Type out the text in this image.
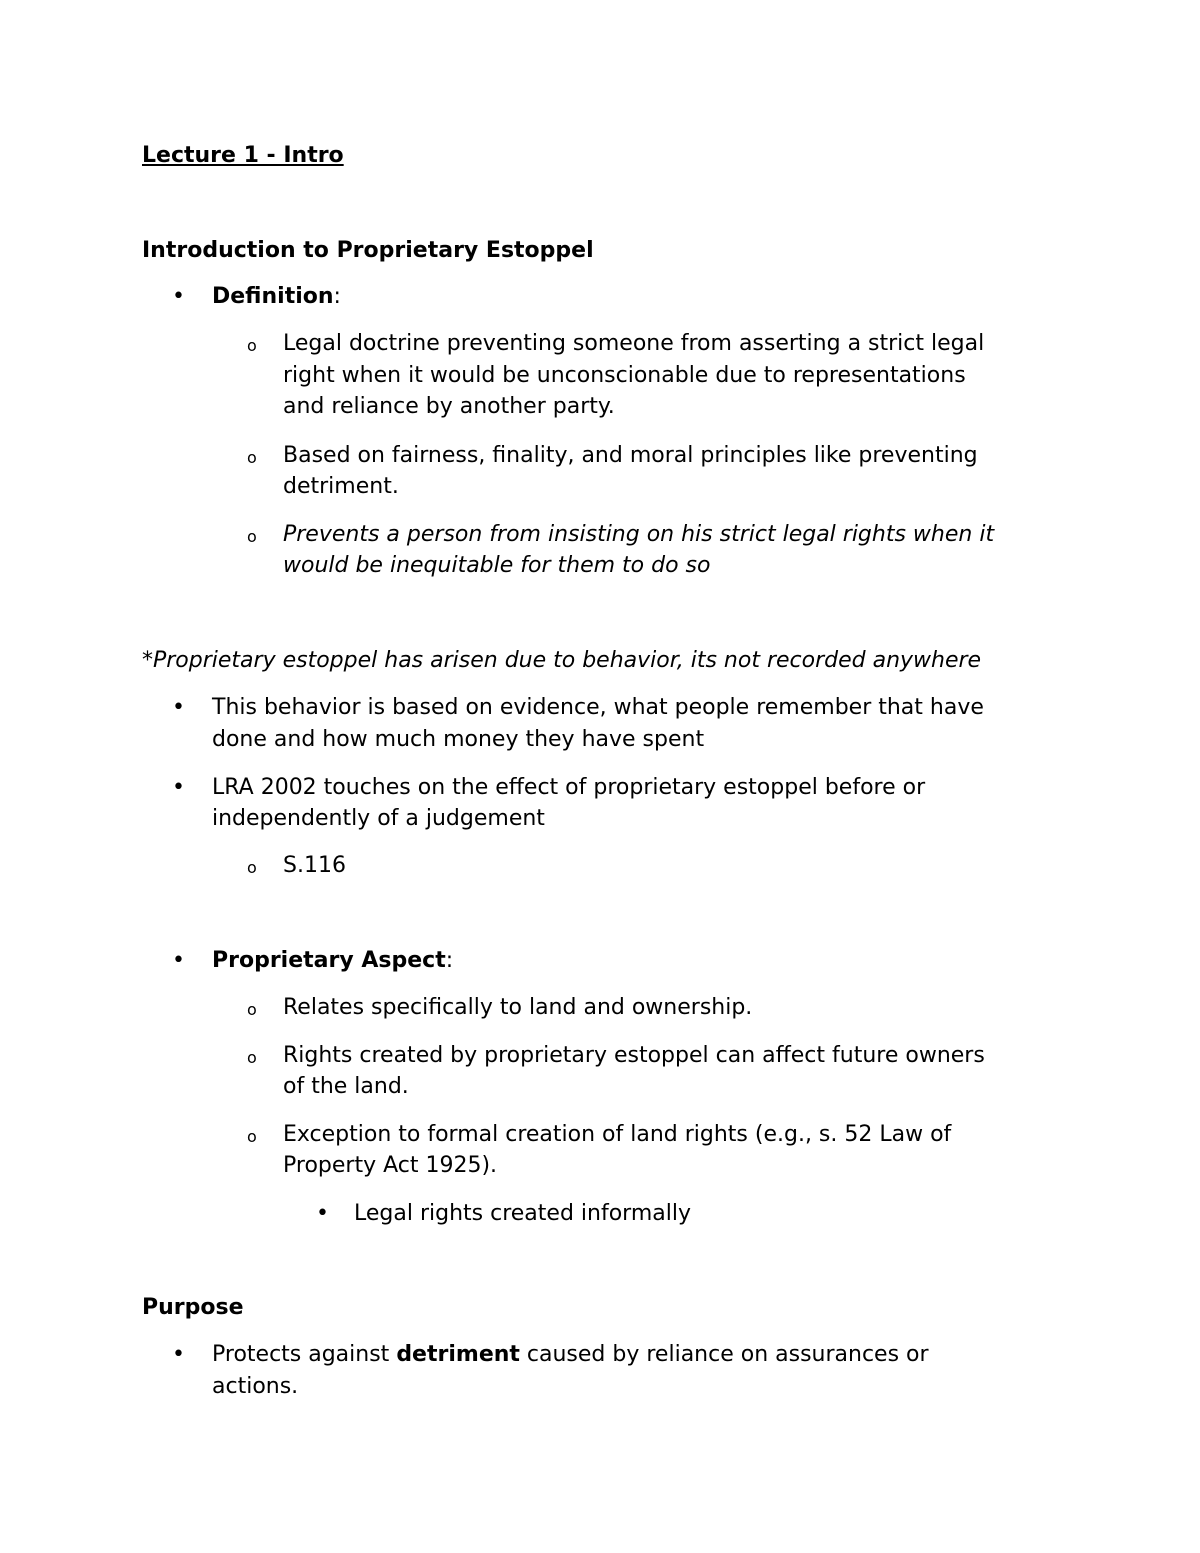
Lecture 1 - Intro
Introduction to Proprietary Estoppel
• Definition:
o Legal doctrine preventing someone from asserting a strict legal
right when it would be unconscionable due to representations
and reliance by another party.
o Based on fairness, finality, and moral principles like preventing
detriment.
o Prevents a person from insisting on his strict legal rights when it
would be inequitable for them to do so
*Proprietary estoppel has arisen due to behavior, its not recorded anywhere
• This behavior is based on evidence, what people remember that have
done and how much money they have spent
• LRA 2002 touches on the effect of proprietary estoppel before or
independently of a judgement
o S.116
• Proprietary Aspect:
o Relates specifically to land and ownership.
o Rights created by proprietary estoppel can affect future owners
of the land.
o Exception to formal creation of land rights (e.g., s. 52 Law of
Property Act 1925).
• Legal rights created informally
Purpose
• Protects against detriment caused by reliance on assurances or
actions.
